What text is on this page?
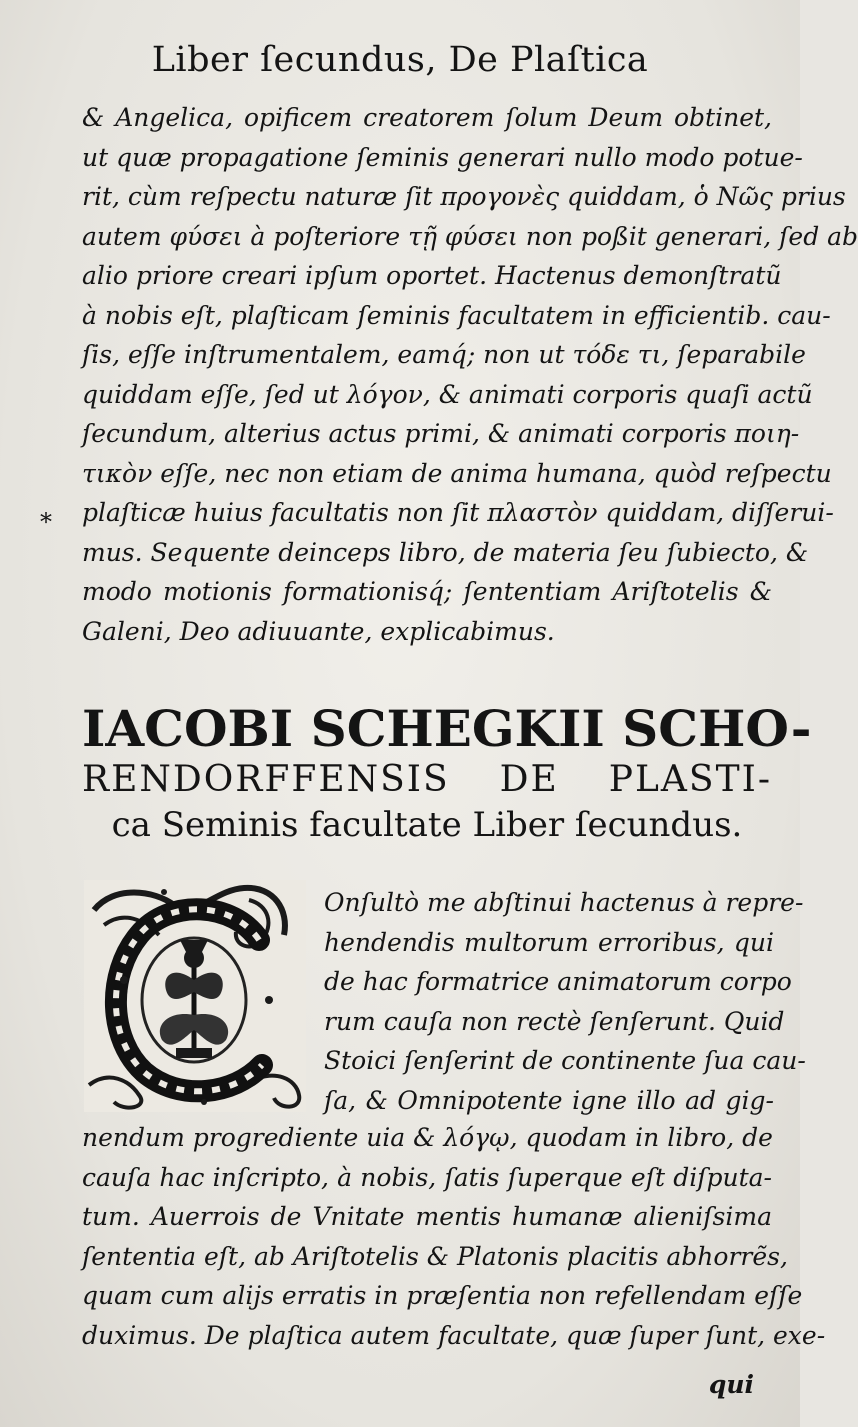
Liber ſecundus, De Plaſtica
& Angelica, opificem creatorem ſolum Deum obtinet,
ut quæ propagatione ſeminis generari nullo modo potue-
rit, cùm reſpectu naturæ ſit προγονὲς quiddam, ὁ Nῶς prius
autem φύσει à poſteriore τῇ φύσει non poßit generari, ſed ab
alio priore creari ipſum oportet. Hactenus demonſtratũ
à nobis eſt, plaſticam ſeminis facultatem in efficientib. cau-
ſis, eſſe inſtrumentalem, eamq́; non ut τόδε τι, ſeparabile
quiddam eſſe, ſed ut λόγον, & animati corporis quaſi actũ
ſecundum, alterius actus primi, & animati corporis ποιη-
τικὸν eſſe, nec non etiam de anima humana, quòd reſpectu
plaſticæ huius facultatis non ſit πλαστὸν quiddam, diſſerui-
mus. Sequente deinceps libro, de materia ſeu ſubiecto, &
modo motionis formationisq́; ſententiam Ariſtotelis &
Galeni, Deo adiuuante, explicabimus.
*
IACOBI SCHEGKII SCHO-
RENDORFFENSIS DE PLASTI-
ca Seminis facultate Liber ſecundus.
Onſultò me abſtinui hactenus à repre-
hendendis multorum erroribus, qui
de hac formatrice animatorum corpo
rum cauſa non rectè ſenſerunt. Quid
Stoici ſenſerint de continente ſua cau-
ſa, & Omnipotente igne illo ad gig-
nendum progrediente uia & λόγῳ, quodam in libro, de
cauſa hac inſcripto, à nobis, ſatis ſuperque eſt diſputa-
tum. Auerrois de Vnitate mentis humanæ alieniſsima
ſententia eſt, ab Ariſtotelis & Platonis placitis abhorrẽs,
quam cum alijs erratis in præſentia non refellendam eſſe
duximus. De plaſtica autem facultate, quæ ſuper ſunt, exe-
qui
